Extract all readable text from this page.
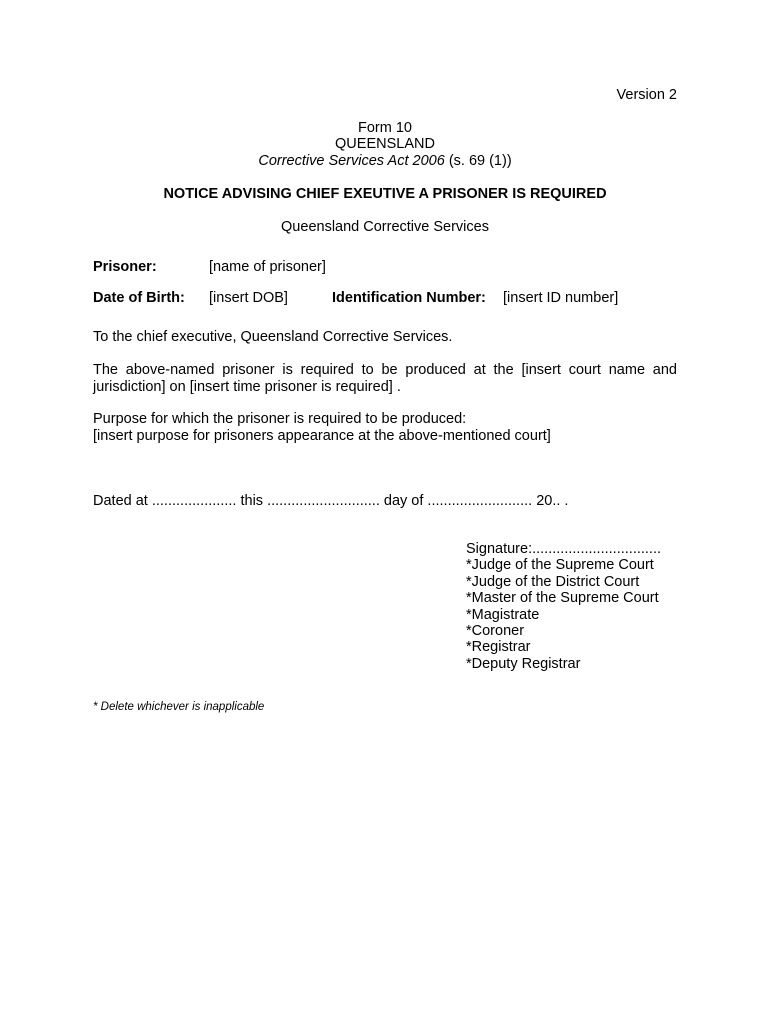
Version 2
Form 10
QUEENSLAND
Corrective Services Act 2006 (s. 69 (1))
NOTICE ADVISING CHIEF EXEUTIVE A PRISONER IS REQUIRED
Queensland Corrective Services
Prisoner:	[name of prisoner]
Date of Birth: [insert DOB]	Identification Number: [insert ID number]
To the chief executive, Queensland Corrective Services.
The above-named prisoner is required to be produced at the [insert court name and
jurisdiction] on [insert time prisoner is required] .
Purpose for which the prisoner is required to be produced:
[insert purpose for prisoners appearance at the above-mentioned court]
Dated at ..................... this ............................ day of .......................... 20.. .
Signature:................................
*Judge of the Supreme Court
*Judge of the District Court
*Master of the Supreme Court
*Magistrate
*Coroner
*Registrar
*Deputy Registrar
* Delete whichever is inapplicable
